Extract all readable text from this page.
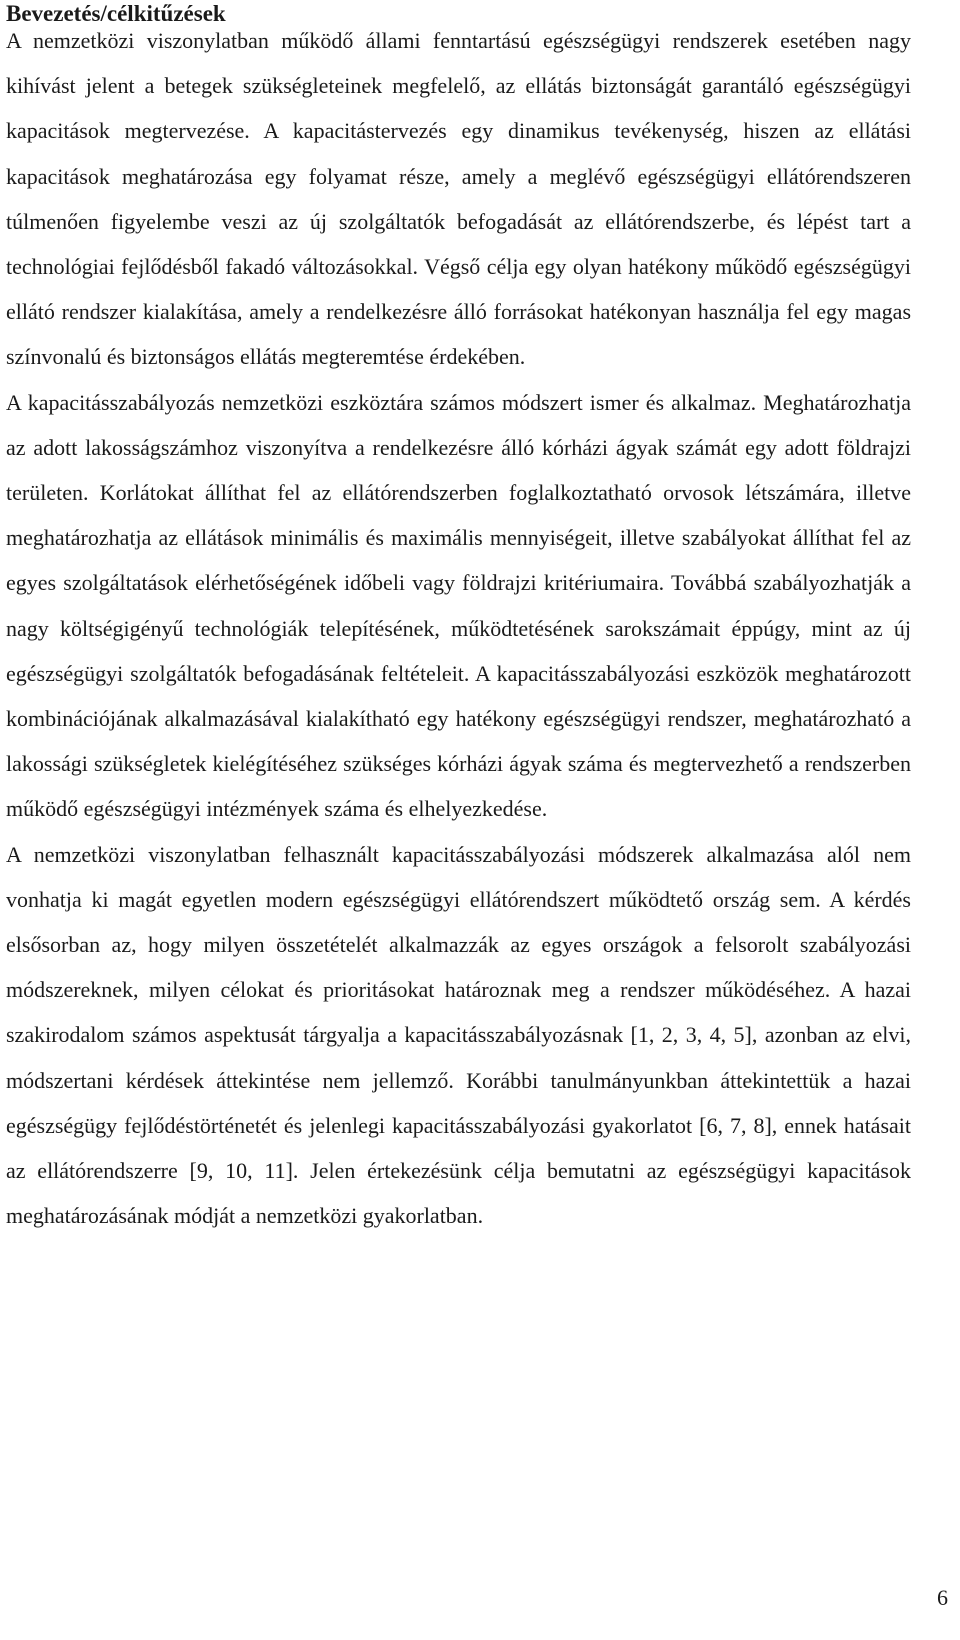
Bevezetés/célkitűzések

A nemzetközi viszonylatban működő állami fenntartású egészségügyi rendszerek esetében nagy kihívást jelent a betegek szükségleteinek megfelelő, az ellátás biztonságát garantáló egészségügyi kapacitások megtervezése. A kapacitástervezés egy dinamikus tevékenység, hiszen az ellátási kapacitások meghatározása egy folyamat része, amely a meglévő egészségügyi ellátórendszeren túlmenően figyelembe veszi az új szolgáltatók befogadását az ellátórendszerbe, és lépést tart a technológiai fejlődésből fakadó változásokkal. Végső célja egy olyan hatékony működő egészségügyi ellátó rendszer kialakítása, amely a rendelkezésre álló forrásokat hatékonyan használja fel egy magas színvonalú és biztonságos ellátás megteremtése érdekében.

A kapacitásszabályozás nemzetközi eszköztára számos módszert ismer és alkalmaz. Meghatározhatja az adott lakosságszámhoz viszonyítva a rendelkezésre álló kórházi ágyak számát egy adott földrajzi területen. Korlátokat állíthat fel az ellátórendszerben foglalkoztatható orvosok létszámára, illetve meghatározhatja az ellátások minimális és maximális mennyiségeit, illetve szabályokat állíthat fel az egyes szolgáltatások elérhetőségének időbeli vagy földrajzi kritériumaira. Továbbá szabályozhatják a nagy költségigényű technológiák telepítésének, működtetésének sarokszámait éppúgy, mint az új egészségügyi szolgáltatók befogadásának feltételeit. A kapacitásszabályozási eszközök meghatározott kombinációjának alkalmazásával kialakítható egy hatékony egészségügyi rendszer, meghatározható a lakossági szükségletek kielégítéséhez szükséges kórházi ágyak száma és megtervezhető a rendszerben működő egészségügyi intézmények száma és elhelyezkedése.

A nemzetközi viszonylatban felhasznált kapacitásszabályozási módszerek alkalmazása alól nem vonhatja ki magát egyetlen modern egészségügyi ellátórendszert működtető ország sem. A kérdés elsősorban az, hogy milyen összetételét alkalmazzák az egyes országok a felsorolt szabályozási módszereknek, milyen célokat és prioritásokat határoznak meg a rendszer működéséhez. A hazai szakirodalom számos aspektusát tárgyalja a kapacitásszabályozásnak [1, 2, 3, 4, 5], azonban az elvi, módszertani kérdések áttekintése nem jellemző. Korábbi tanulmányunkban áttekintettük a hazai egészségügy fejlődéstörténetét és jelenlegi kapacitásszabályozási gyakorlatot [6, 7, 8], ennek hatásait az ellátórendszerre [9, 10, 11]. Jelen értekezésünk célja bemutatni az egészségügyi kapacitások meghatározásának módját a nemzetközi gyakorlatban.

6
